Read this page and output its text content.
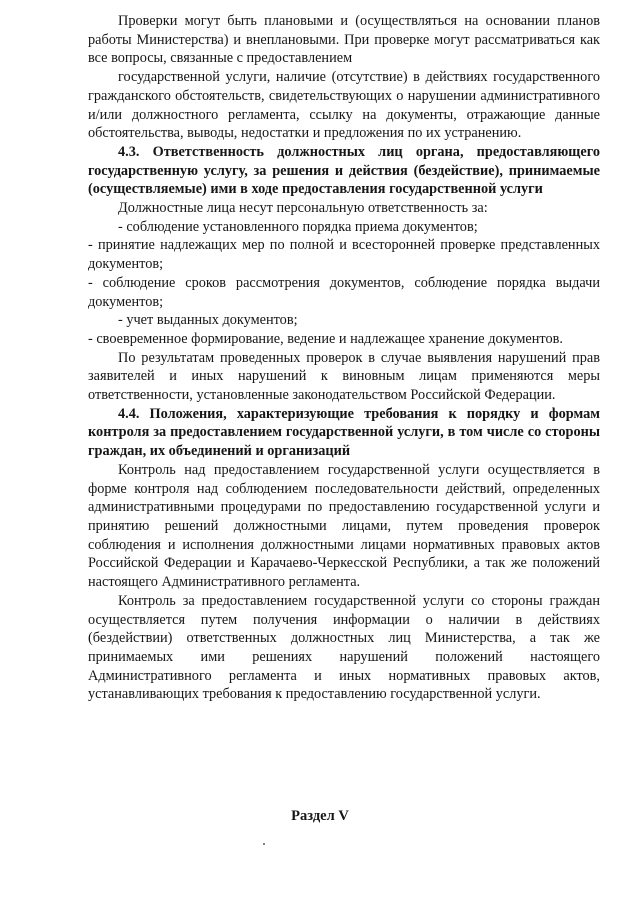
Проверки могут быть плановыми и (осуществляться на основании планов работы Министерства) и внеплановыми. При проверке могут рассматриваться как все вопросы, связанные с предоставлением

государственной услуги, наличие (отсутствие) в действиях государственного гражданского обстоятельств, свидетельствующих о нарушении административного и/или должностного регламента, ссылку на документы, отражающие данные обстоятельства, выводы, недостатки и предложения по их устранению.

4.3. Ответственность должностных лиц органа, предоставляющего государственную услугу, за решения и действия (бездействие), принимаемые (осуществляемые) ими в ходе предоставления государственной услуги

Должностные лица несут персональную ответственность за:

- соблюдение установленного порядка приема документов;

- принятие надлежащих мер по полной и всесторонней проверке представленных документов;

- соблюдение сроков рассмотрения документов, соблюдение порядка выдачи документов;

- учет выданных документов;

- своевременное формирование, ведение и надлежащее хранение документов.

По результатам проведенных проверок в случае выявления нарушений прав заявителей и иных нарушений к виновным лицам применяются меры ответственности, установленные законодательством Российской Федерации.

4.4. Положения, характеризующие требования к порядку и формам контроля за предоставлением государственной услуги, в том числе со стороны граждан, их объединений и организаций

Контроль над предоставлением государственной услуги осуществляется в форме контроля над соблюдением последовательности действий, определенных административными процедурами по предоставлению государственной услуги и принятию решений должностными лицами, путем проведения проверок соблюдения и исполнения должностными лицами нормативных правовых актов Российской Федерации и Карачаево-Черкесской Республики, а так же положений настоящего Административного регламента.

Контроль за предоставлением государственной услуги со стороны граждан осуществляется путем получения информации о наличии в действиях (бездействии) ответственных должностных лиц Министерства, а так же принимаемых ими решениях нарушений положений настоящего Административного регламента и иных нормативных правовых актов, устанавливающих требования к предоставлению государственной услуги.

Раздел V
